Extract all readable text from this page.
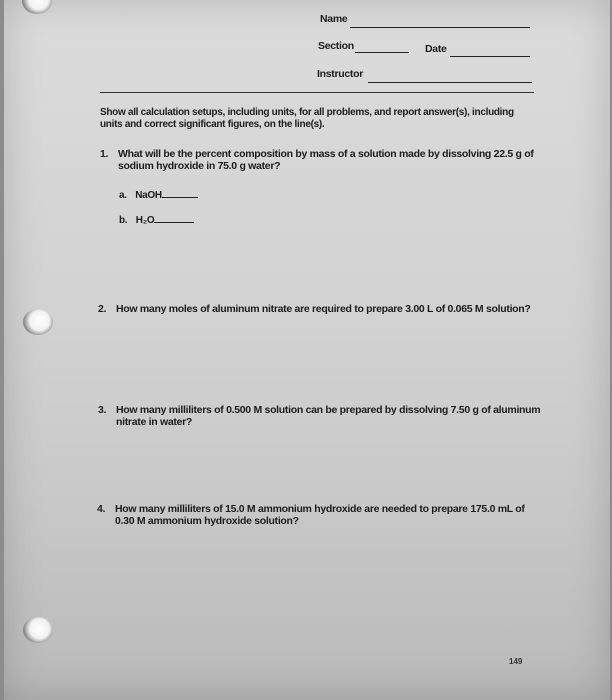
Name
Section	Date
Instructor
Show all calculation setups, including units, for all problems, and report answer(s), including units and correct significant figures, on the line(s).
1. What will be the percent composition by mass of a solution made by dissolving 22.5 g of sodium hydroxide in 75.0 g water?
a. NaOH
b. H₂O
2. How many moles of aluminum nitrate are required to prepare 3.00 L of 0.065 M solution?
3. How many milliliters of 0.500 M solution can be prepared by dissolving 7.50 g of aluminum nitrate in water?
4. How many milliliters of 15.0 M ammonium hydroxide are needed to prepare 175.0 mL of 0.30 M ammonium hydroxide solution?
149
